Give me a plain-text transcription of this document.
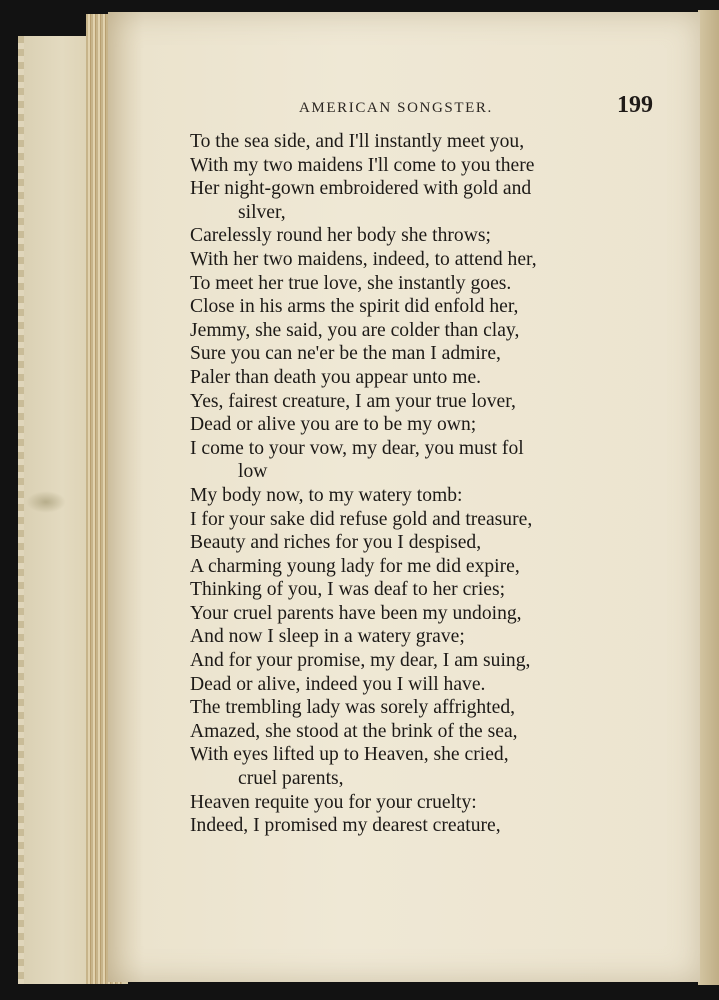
AMERICAN SONGSTER.	199
To the sea side, and I'll instantly meet you,
With my two maidens I'll come to you there
Her night-gown embroidered with gold and
silver,
Carelessly round her body she throws;
With her two maidens, indeed, to attend her,
To meet her true love, she instantly goes.
Close in his arms the spirit did enfold her,
Jemmy, she said, you are colder than clay,
Sure you can ne'er be the man I admire,
Paler than death you appear unto me.
Yes, fairest creature, I am your true lover,
Dead or alive you are to be my own;
I come to your vow, my dear, you must fol
low
My body now, to my watery tomb:
I for your sake did refuse gold and treasure,
Beauty and riches for you I despised,
A charming young lady for me did expire,
Thinking of you, I was deaf to her cries;
Your cruel parents have been my undoing,
And now I sleep in a watery grave;
And for your promise, my dear, I am suing,
Dead or alive, indeed you I will have.
The trembling lady was sorely affrighted,
Amazed, she stood at the brink of the sea,
With eyes lifted up to Heaven, she cried,
cruel parents,
Heaven requite you for your cruelty:
Indeed, I promised my dearest creature,
